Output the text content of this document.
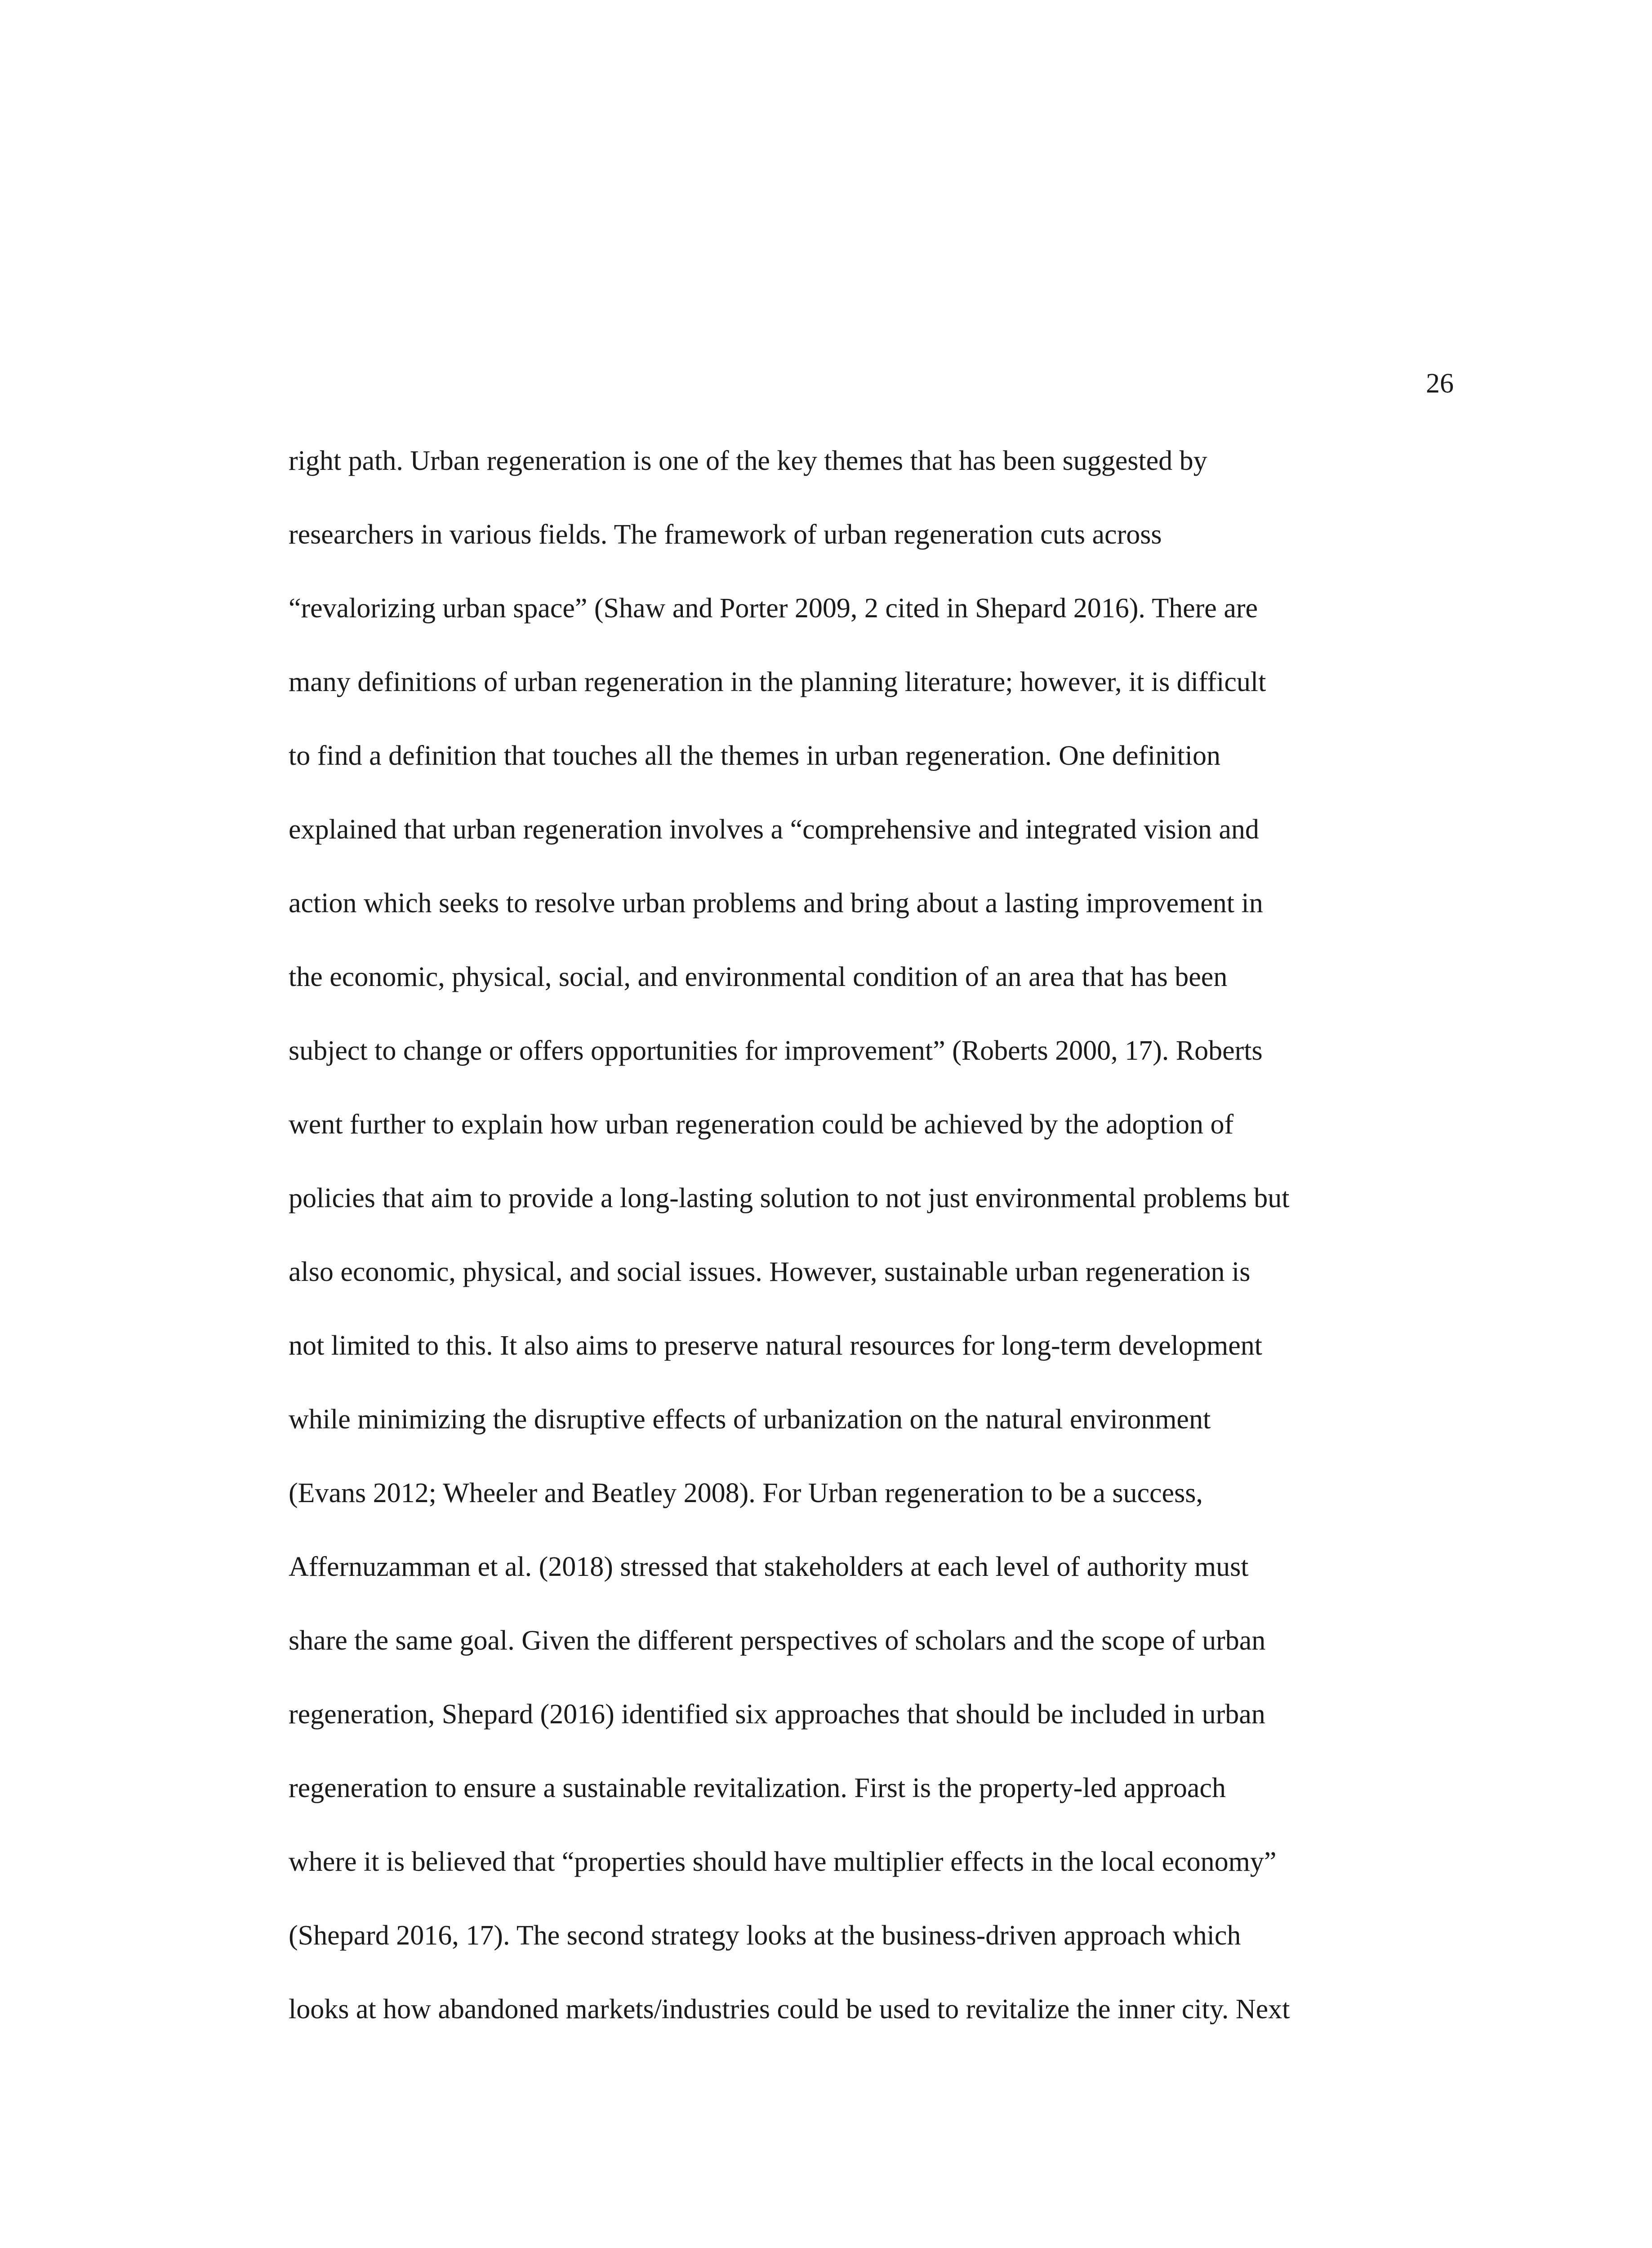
26
right path. Urban regeneration is one of the key themes that has been suggested by
researchers in various fields. The framework of urban regeneration cuts across
“revalorizing urban space” (Shaw and Porter 2009, 2 cited in Shepard 2016). There are
many definitions of urban regeneration in the planning literature; however, it is difficult
to find a definition that touches all the themes in urban regeneration. One definition
explained that urban regeneration involves a “comprehensive and integrated vision and
action which seeks to resolve urban problems and bring about a lasting improvement in
the economic, physical, social, and environmental condition of an area that has been
subject to change or offers opportunities for improvement” (Roberts 2000, 17). Roberts
went further to explain how urban regeneration could be achieved by the adoption of
policies that aim to provide a long-lasting solution to not just environmental problems but
also economic, physical, and social issues. However, sustainable urban regeneration is
not limited to this. It also aims to preserve natural resources for long-term development
while minimizing the disruptive effects of urbanization on the natural environment
(Evans 2012; Wheeler and Beatley 2008). For Urban regeneration to be a success,
Affernuzamman et al. (2018) stressed that stakeholders at each level of authority must
share the same goal. Given the different perspectives of scholars and the scope of urban
regeneration, Shepard (2016) identified six approaches that should be included in urban
regeneration to ensure a sustainable revitalization. First is the property-led approach
where it is believed that “properties should have multiplier effects in the local economy”
(Shepard 2016, 17). The second strategy looks at the business-driven approach which
looks at how abandoned markets/industries could be used to revitalize the inner city. Next
